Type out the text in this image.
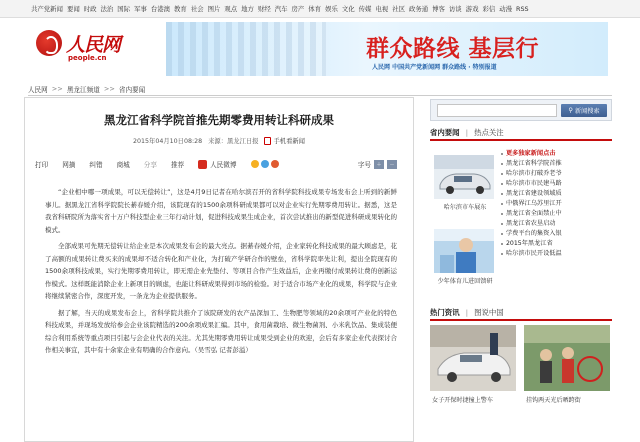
共产党新闻 要闻 时政 法治 国际 军事 台港澳 教育 社会 图片 观点 地方 财经 汽车 房产 体育 娱乐 文化 传媒 电视 社区 政务通 博客 访谈 游戏 彩信 动漫 RSS
人民网
people.cn	群众路线 基层行
人民网 中国共产党新闻网 群众路线 · 特别报道
人民网 >> 黑龙江频道 >> 省内要闻
黑龙江省科学院首推先期零费用转让科研成果
2015年04月10日08:28 来源：黑龙江日报 手机看新闻
打印 网摘 纠错 商城 分享 推荐	人民微博	字号	＋	－

“企业相中哪一项成果，可以无偿转让”，这是4月9日记者在哈尔滨召开的省科学院科技成果专场发布会上听到的新鲜事儿。据黑龙江省科学院院长綦春媛介绍，该院现有的1500余项科研成果都可以对企业实行先期零费用转让。据悉，这是我省科研院所为落实省十万户科技型企业三年行动计划，促进科技成果生成企业，首次尝试推出的新型促进科研成果转化的模式。

全部成果可先期无偿转让给企业是本次成果发布会的最大亮点。据綦春媛介绍，企业家转化科技成果的最大顾虑是，花了高额的成果转让费买来的成果却不适合转化和产业化，为打破产学研合作的壁垒，省科学院率先让利，提出全院现有的1500余项科技成果，实行先期零费用转让，即无需企业先垫付、等项目合作产生效益后，企业再缴付成果转让费的创新运作模式。这样既能消除企业上新项目的顾虑，也能让科研成果得到市场的检验。对于适合市场产业化的成果，科学院与企业将继续紧密合作，深度开发，一条龙为企业提供服务。

据了解，当天的成果发布会上，省科学院共推介了该院研发的农产品深加工、生物肥等领域的20余项可产业化的特色科技成果，并现场发放给参会企业该院精选的200余项成果汇编。其中，食用菌栽培、微生物菌剂、小米乳饮品、集成装便综合利用系统等重点项目引起与会企业代表的关注。尤其先期零费用转让成果受到企业的欢迎，会后有多家企业代表探讨合作相关事宜，其中有十余家企业有明确的合作意向。（吴雪弘 记者彭溢）

⚲ 新闻搜索
省内要闻 | 热点关注
哈尔滨市车展东
少年体育儿进回馈研
更多独家新闻点击
黑龙江省科学院首推
哈尔滨市打破乔老爷
哈尔滨市市民建马路
黑龙江省建设领域质
中俄界江乌苏里江开
黑龙江省全面禁止中
黑龙江省农垦启动
学费平台的集资入银
2015年黑龙江省
哈尔滨市民开设低温
热门资讯 | 图说中国
女子开保时捷撞上警车	挂钩两天光后晒跨街
